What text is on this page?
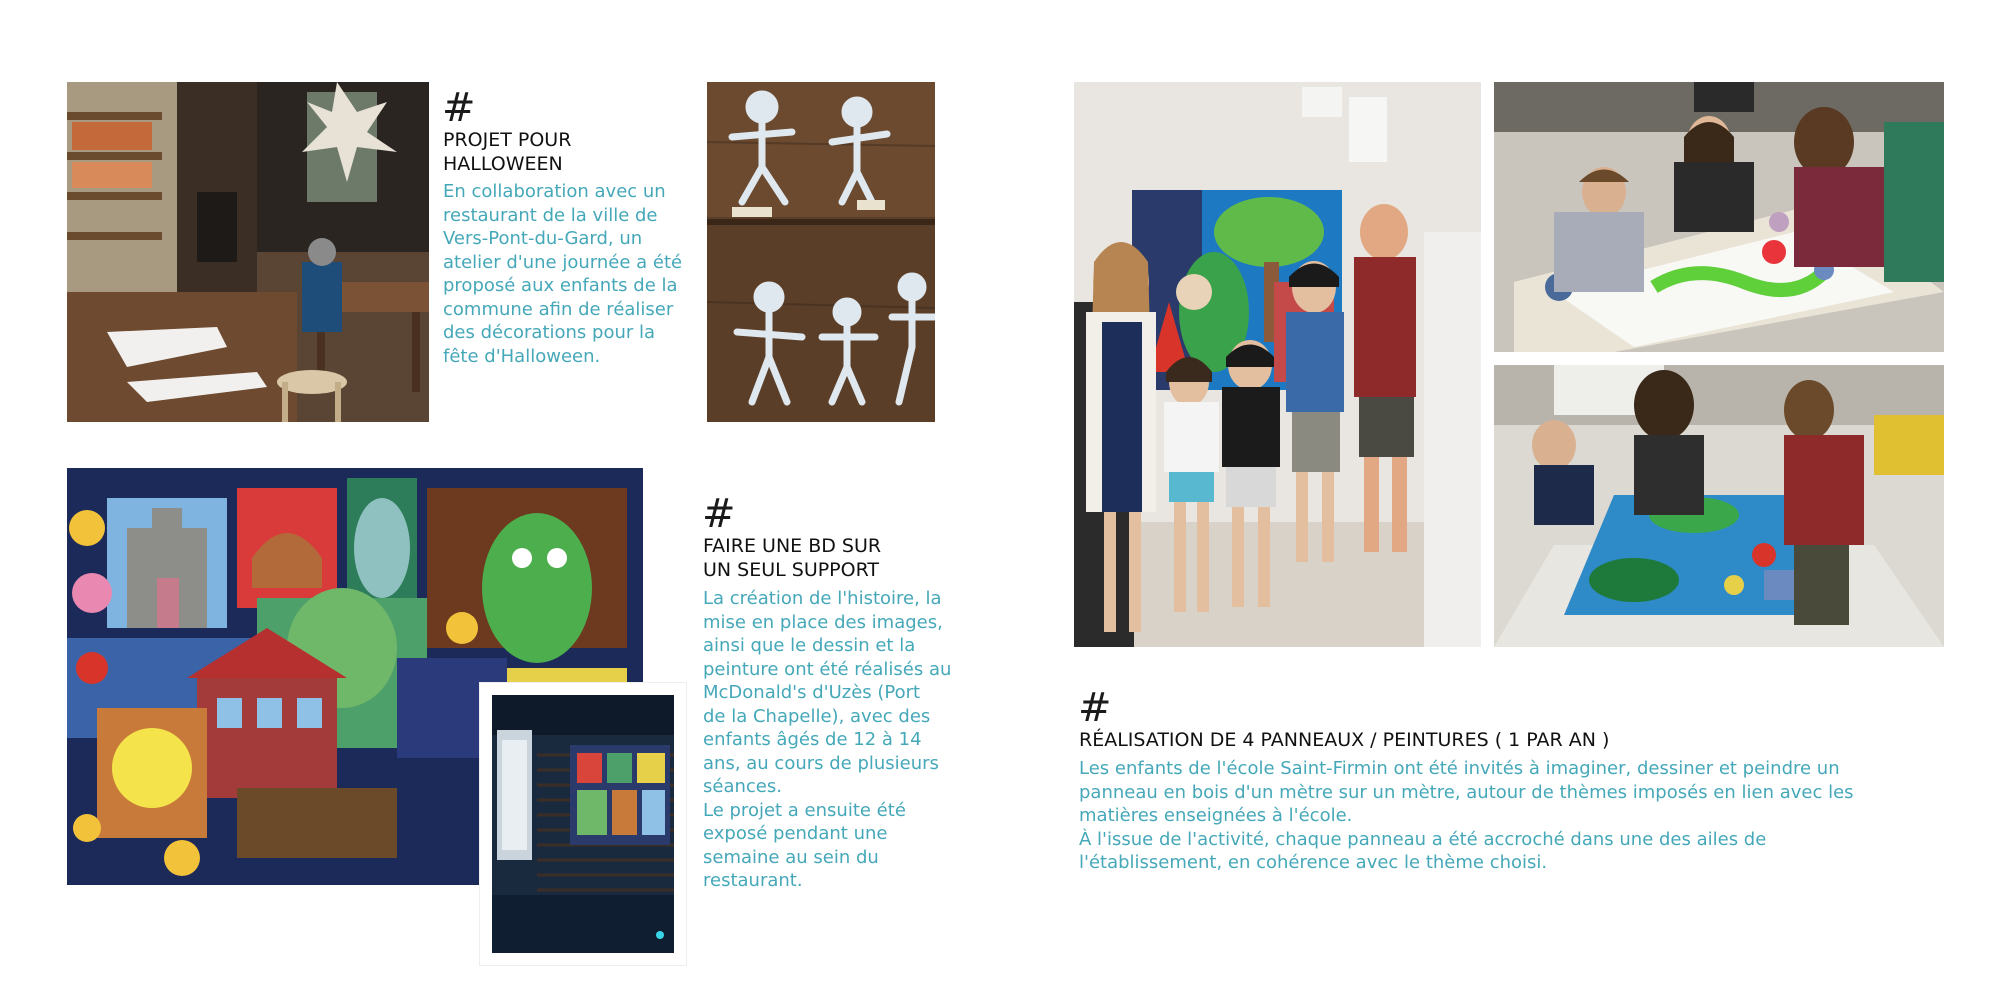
#
PROJET POUR
HALLOWEEN
En collaboration avec un
restaurant de la ville de
Vers-Pont-du-Gard, un
atelier d'une journée a été
proposé aux enfants de la
commune afin de réaliser
des décorations pour la
fête d'Halloween.
#
FAIRE UNE BD SUR
UN SEUL SUPPORT
La création de l'histoire, la
mise en place des images,
ainsi que le dessin et la
peinture ont été réalisés au
McDonald's d'Uzès (Port
de la Chapelle), avec des
enfants âgés de 12 à 14
ans, au cours de plusieurs
séances.
Le projet a ensuite été
exposé pendant une
semaine au sein du
restaurant.
#
RÉALISATION DE 4 PANNEAUX / PEINTURES ( 1 PAR AN )
Les enfants de l'école Saint-Firmin ont été invités à imaginer, dessiner et peindre un
panneau en bois d'un mètre sur un mètre, autour de thèmes imposés en lien avec les
matières enseignées à l'école.
À l'issue de l'activité, chaque panneau a été accroché dans une des ailes de
l'établissement, en cohérence avec le thème choisi.
